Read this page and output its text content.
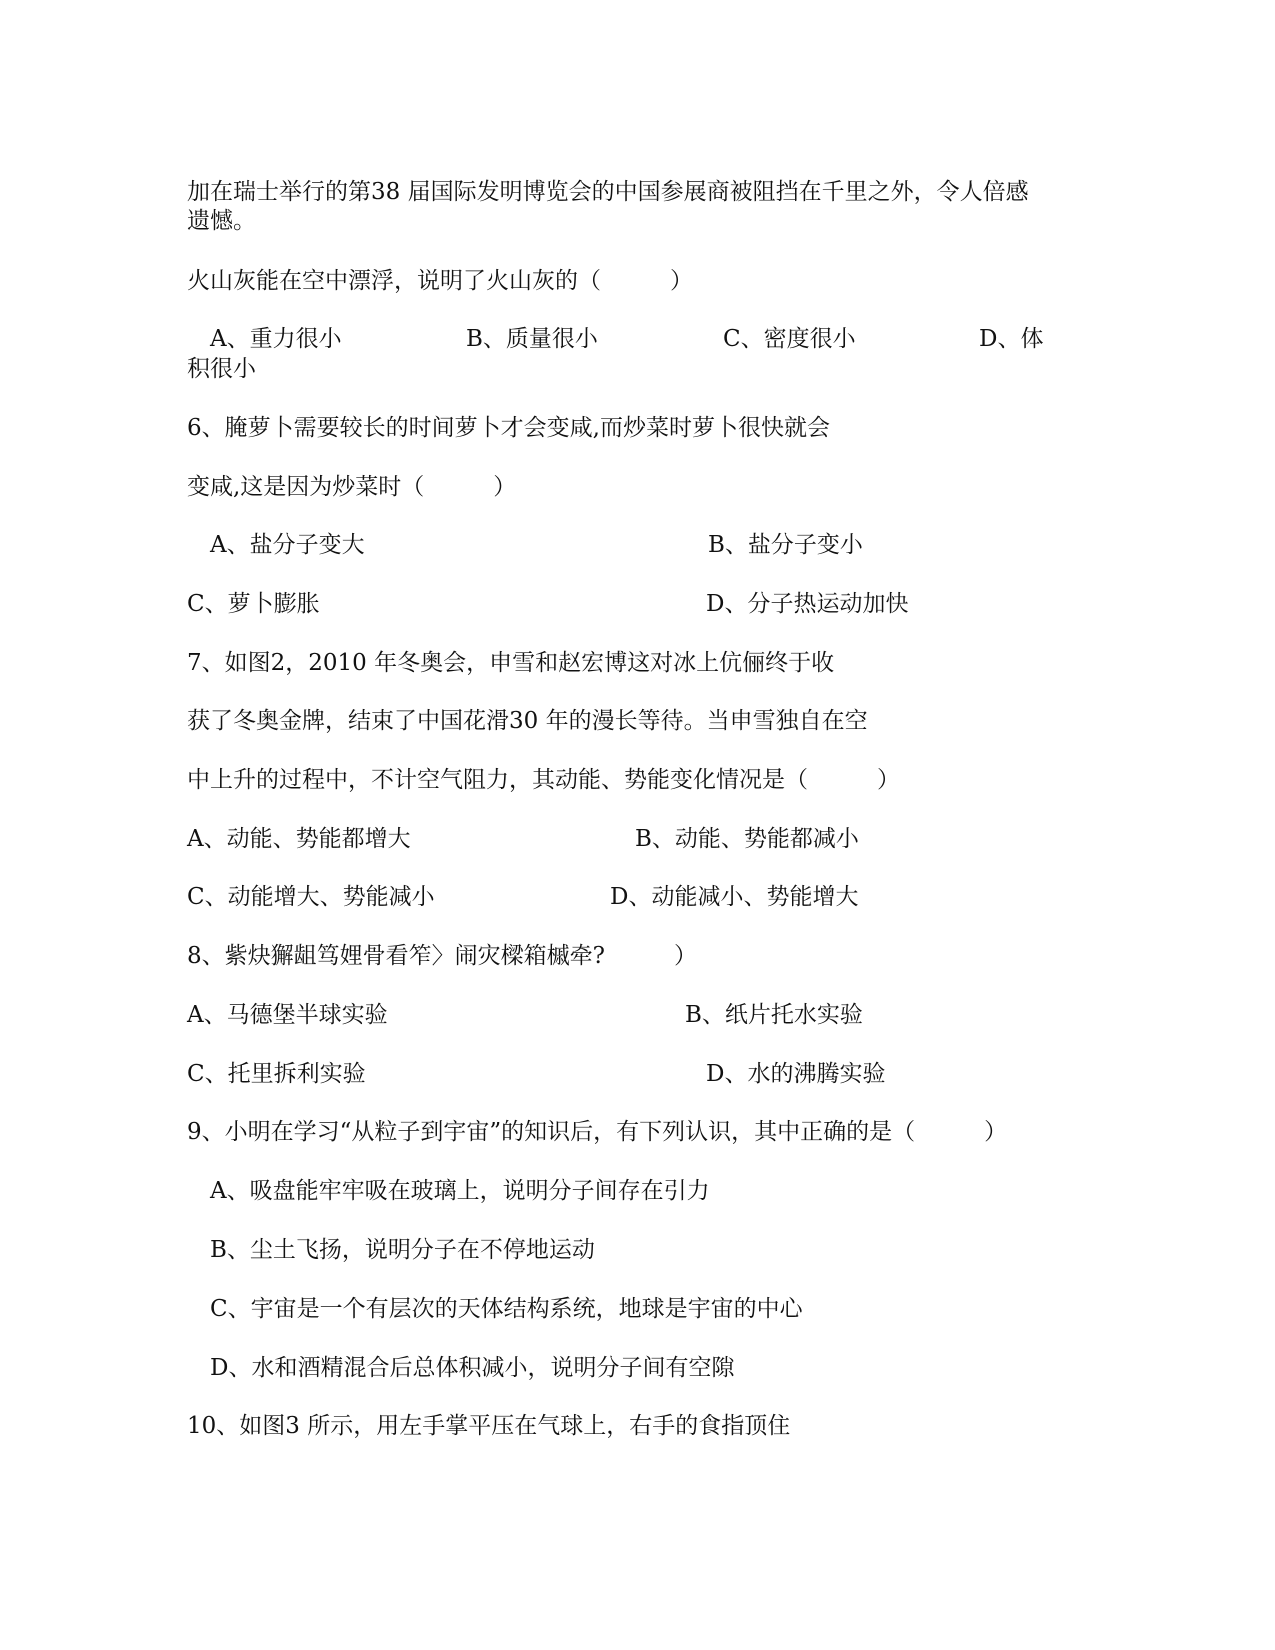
加在瑞士举行的第38 届国际发明博览会的中国参展商被阻挡在千里之外，令人倍感
遗憾。
火山灰能在空中漂浮，说明了火山灰的（　　　）
A、重力很小	B、质量很小	C、密度很小	D、体
积很小
6、腌萝卜需要较长的时间萝卜才会变咸,而炒菜时萝卜很快就会
变咸,这是因为炒菜时（　　　）
A、盐分子变大	B、盐分子变小
C、萝卜膨胀	D、分子热运动加快
7、如图2，2010 年冬奥会，申雪和赵宏博这对冰上伉俪终于收
获了冬奥金牌，结束了中国花滑30 年的漫长等待。当申雪独自在空
中上升的过程中，不计空气阻力，其动能、势能变化情况是（　　　）
A、动能、势能都增大	B、动能、势能都减小
C、动能增大、势能减小	D、动能减小、势能增大
8、紫炔獬龃笃娌骨看笮〉闹灾樑箱槭牵?　　　）
A、马德堡半球实验	B、纸片托水实验
C、托里拆利实验	D、水的沸腾实验
9、小明在学习“从粒子到宇宙”的知识后，有下列认识，其中正确的是（　　　）
A、吸盘能牢牢吸在玻璃上，说明分子间存在引力
B、尘土飞扬，说明分子在不停地运动
C、宇宙是一个有层次的天体结构系统，地球是宇宙的中心
D、水和酒精混合后总体积减小，说明分子间有空隙
10、如图3 所示，用左手掌平压在气球上，右手的食指顶住
